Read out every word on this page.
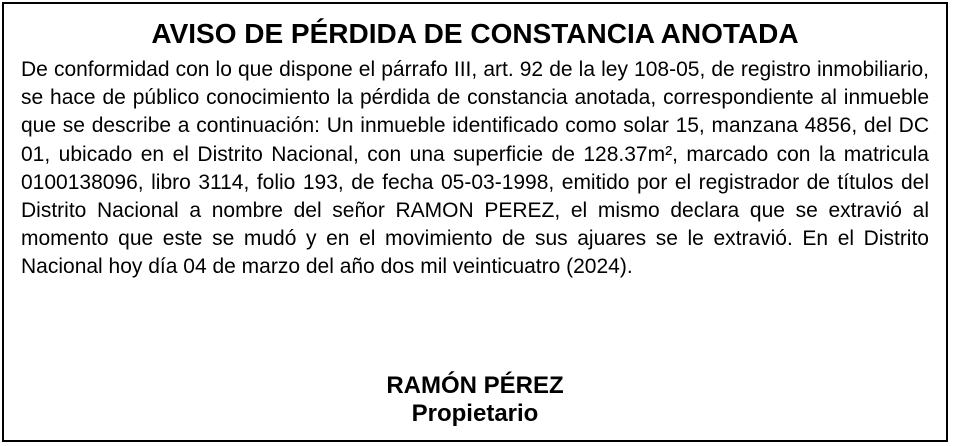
AVISO DE PÉRDIDA DE CONSTANCIA ANOTADA

De conformidad con lo que dispone el párrafo III, art. 92 de la ley 108-05, de registro inmobiliario, se hace de público conocimiento la pérdida de constancia anotada, correspondiente al inmueble que se describe a continuación: Un inmueble identificado como solar 15, manzana 4856, del DC 01, ubicado en el Distrito Nacional, con una superficie de 128.37m², marcado con la matricula 0100138096, libro 3114, folio 193, de fecha 05-03-1998, emitido por el registrador de títulos del Distrito Nacional a nombre del señor RAMON PEREZ, el mismo declara que se extravió al momento que este se mudó y en el movimiento de sus ajuares se le extravió. En el Distrito Nacional hoy día 04 de marzo del año dos mil veinticuatro (2024).

RAMÓN PÉREZ
Propietario
